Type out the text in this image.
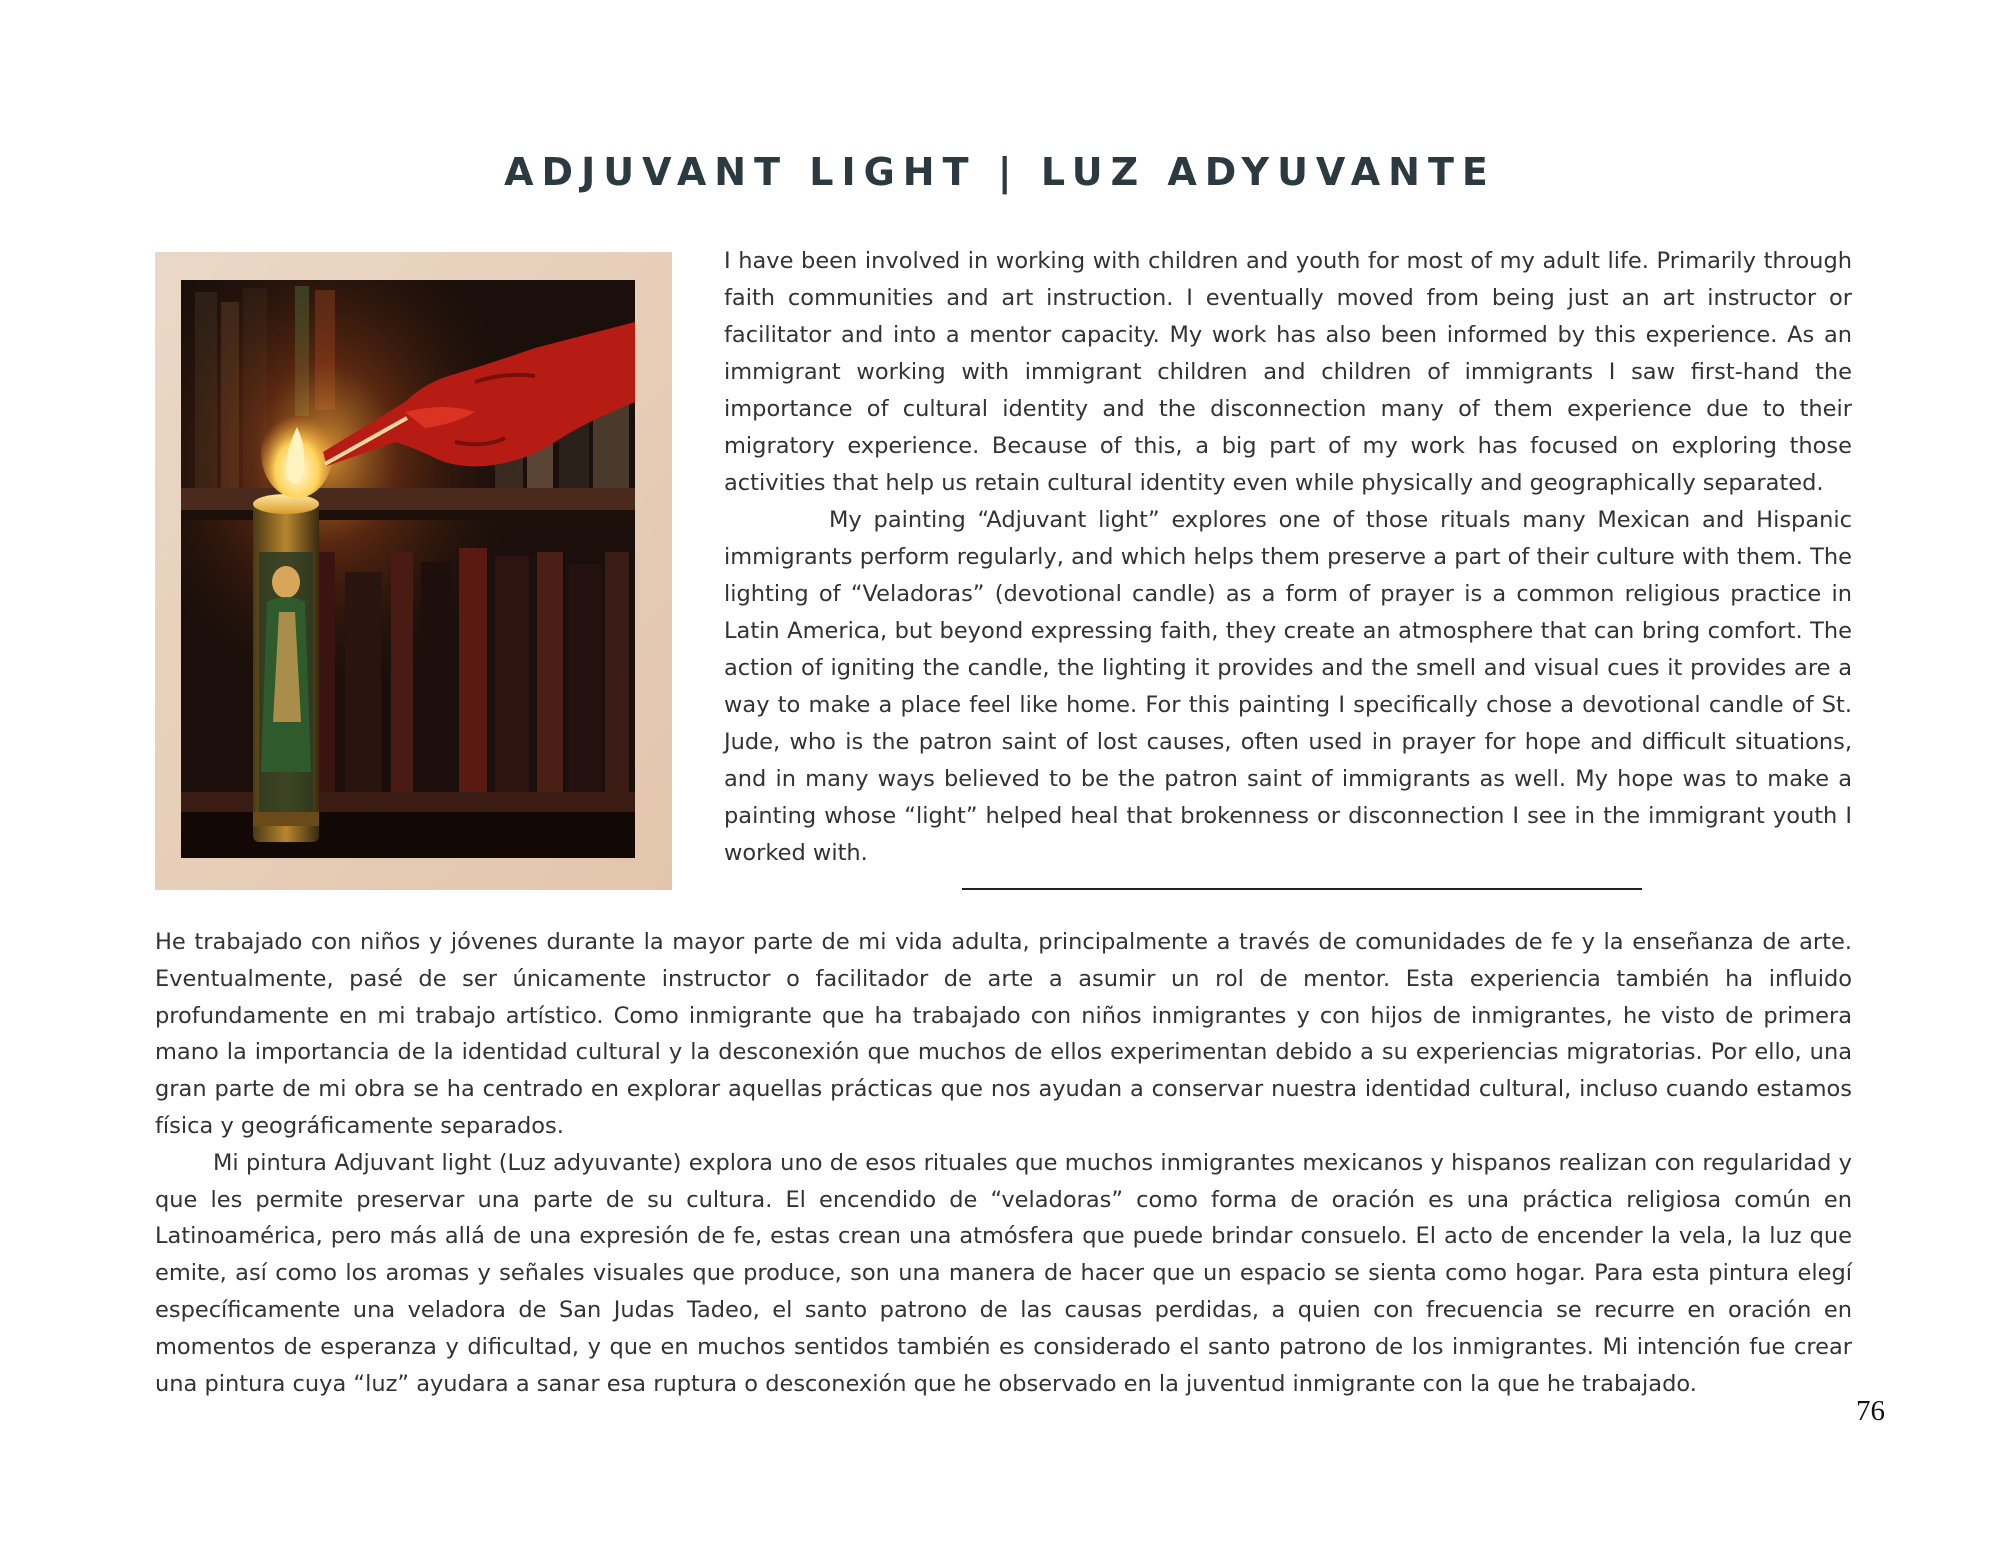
ADJUVANT LIGHT | LUZ ADYUVANTE

I have been involved in working with children and youth for most of my adult life. Primarily through faith communities and art instruction. I eventually moved from being just an art instructor or facilitator and into a mentor capacity. My work has also been informed by this experience. As an immigrant working with immigrant children and children of immigrants I saw first-hand the importance of cultural identity and the disconnection many of them experience due to their migratory experience. Because of this, a big part of my work has focused on exploring those activities that help us retain cultural identity even while physically and geographically separated.

My painting “Adjuvant light” explores one of those rituals many Mexican and Hispanic immigrants perform regularly, and which helps them preserve a part of their culture with them. The lighting of “Veladoras” (devotional candle) as a form of prayer is a common religious practice in Latin America, but beyond expressing faith, they create an atmosphere that can bring comfort. The action of igniting the candle, the lighting it provides and the smell and visual cues it provides are a way to make a place feel like home. For this painting I specifically chose a devotional candle of St. Jude, who is the patron saint of lost causes, often used in prayer for hope and difficult situations, and in many ways believed to be the patron saint of immigrants as well. My hope was to make a painting whose “light” helped heal that brokenness or disconnection I see in the immigrant youth I worked with.

He trabajado con niños y jóvenes durante la mayor parte de mi vida adulta, principalmente a través de comunidades de fe y la enseñanza de arte. Eventualmente, pasé de ser únicamente instructor o facilitador de arte a asumir un rol de mentor. Esta experiencia también ha influido profundamente en mi trabajo artístico. Como inmigrante que ha trabajado con niños inmigrantes y con hijos de inmigrantes, he visto de primera mano la importancia de la identidad cultural y la desconexión que muchos de ellos experimentan debido a su experiencias migratorias. Por ello, una gran parte de mi obra se ha centrado en explorar aquellas prácticas que nos ayudan a conservar nuestra identidad cultural, incluso cuando estamos física y geográficamente separados.

Mi pintura Adjuvant light (Luz adyuvante) explora uno de esos rituales que muchos inmigrantes mexicanos y hispanos realizan con regularidad y que les permite preservar una parte de su cultura. El encendido de “veladoras” como forma de oración es una práctica religiosa común en Latinoamérica, pero más allá de una expresión de fe, estas crean una atmósfera que puede brindar consuelo. El acto de encender la vela, la luz que emite, así como los aromas y señales visuales que produce, son una manera de hacer que un espacio se sienta como hogar. Para esta pintura elegí específicamente una veladora de San Judas Tadeo, el santo patrono de las causas perdidas, a quien con frecuencia se recurre en oración en momentos de esperanza y dificultad, y que en muchos sentidos también es considerado el santo patrono de los inmigrantes. Mi intención fue crear una pintura cuya “luz” ayudara a sanar esa ruptura o desconexión que he observado en la juventud inmigrante con la que he trabajado.

76
